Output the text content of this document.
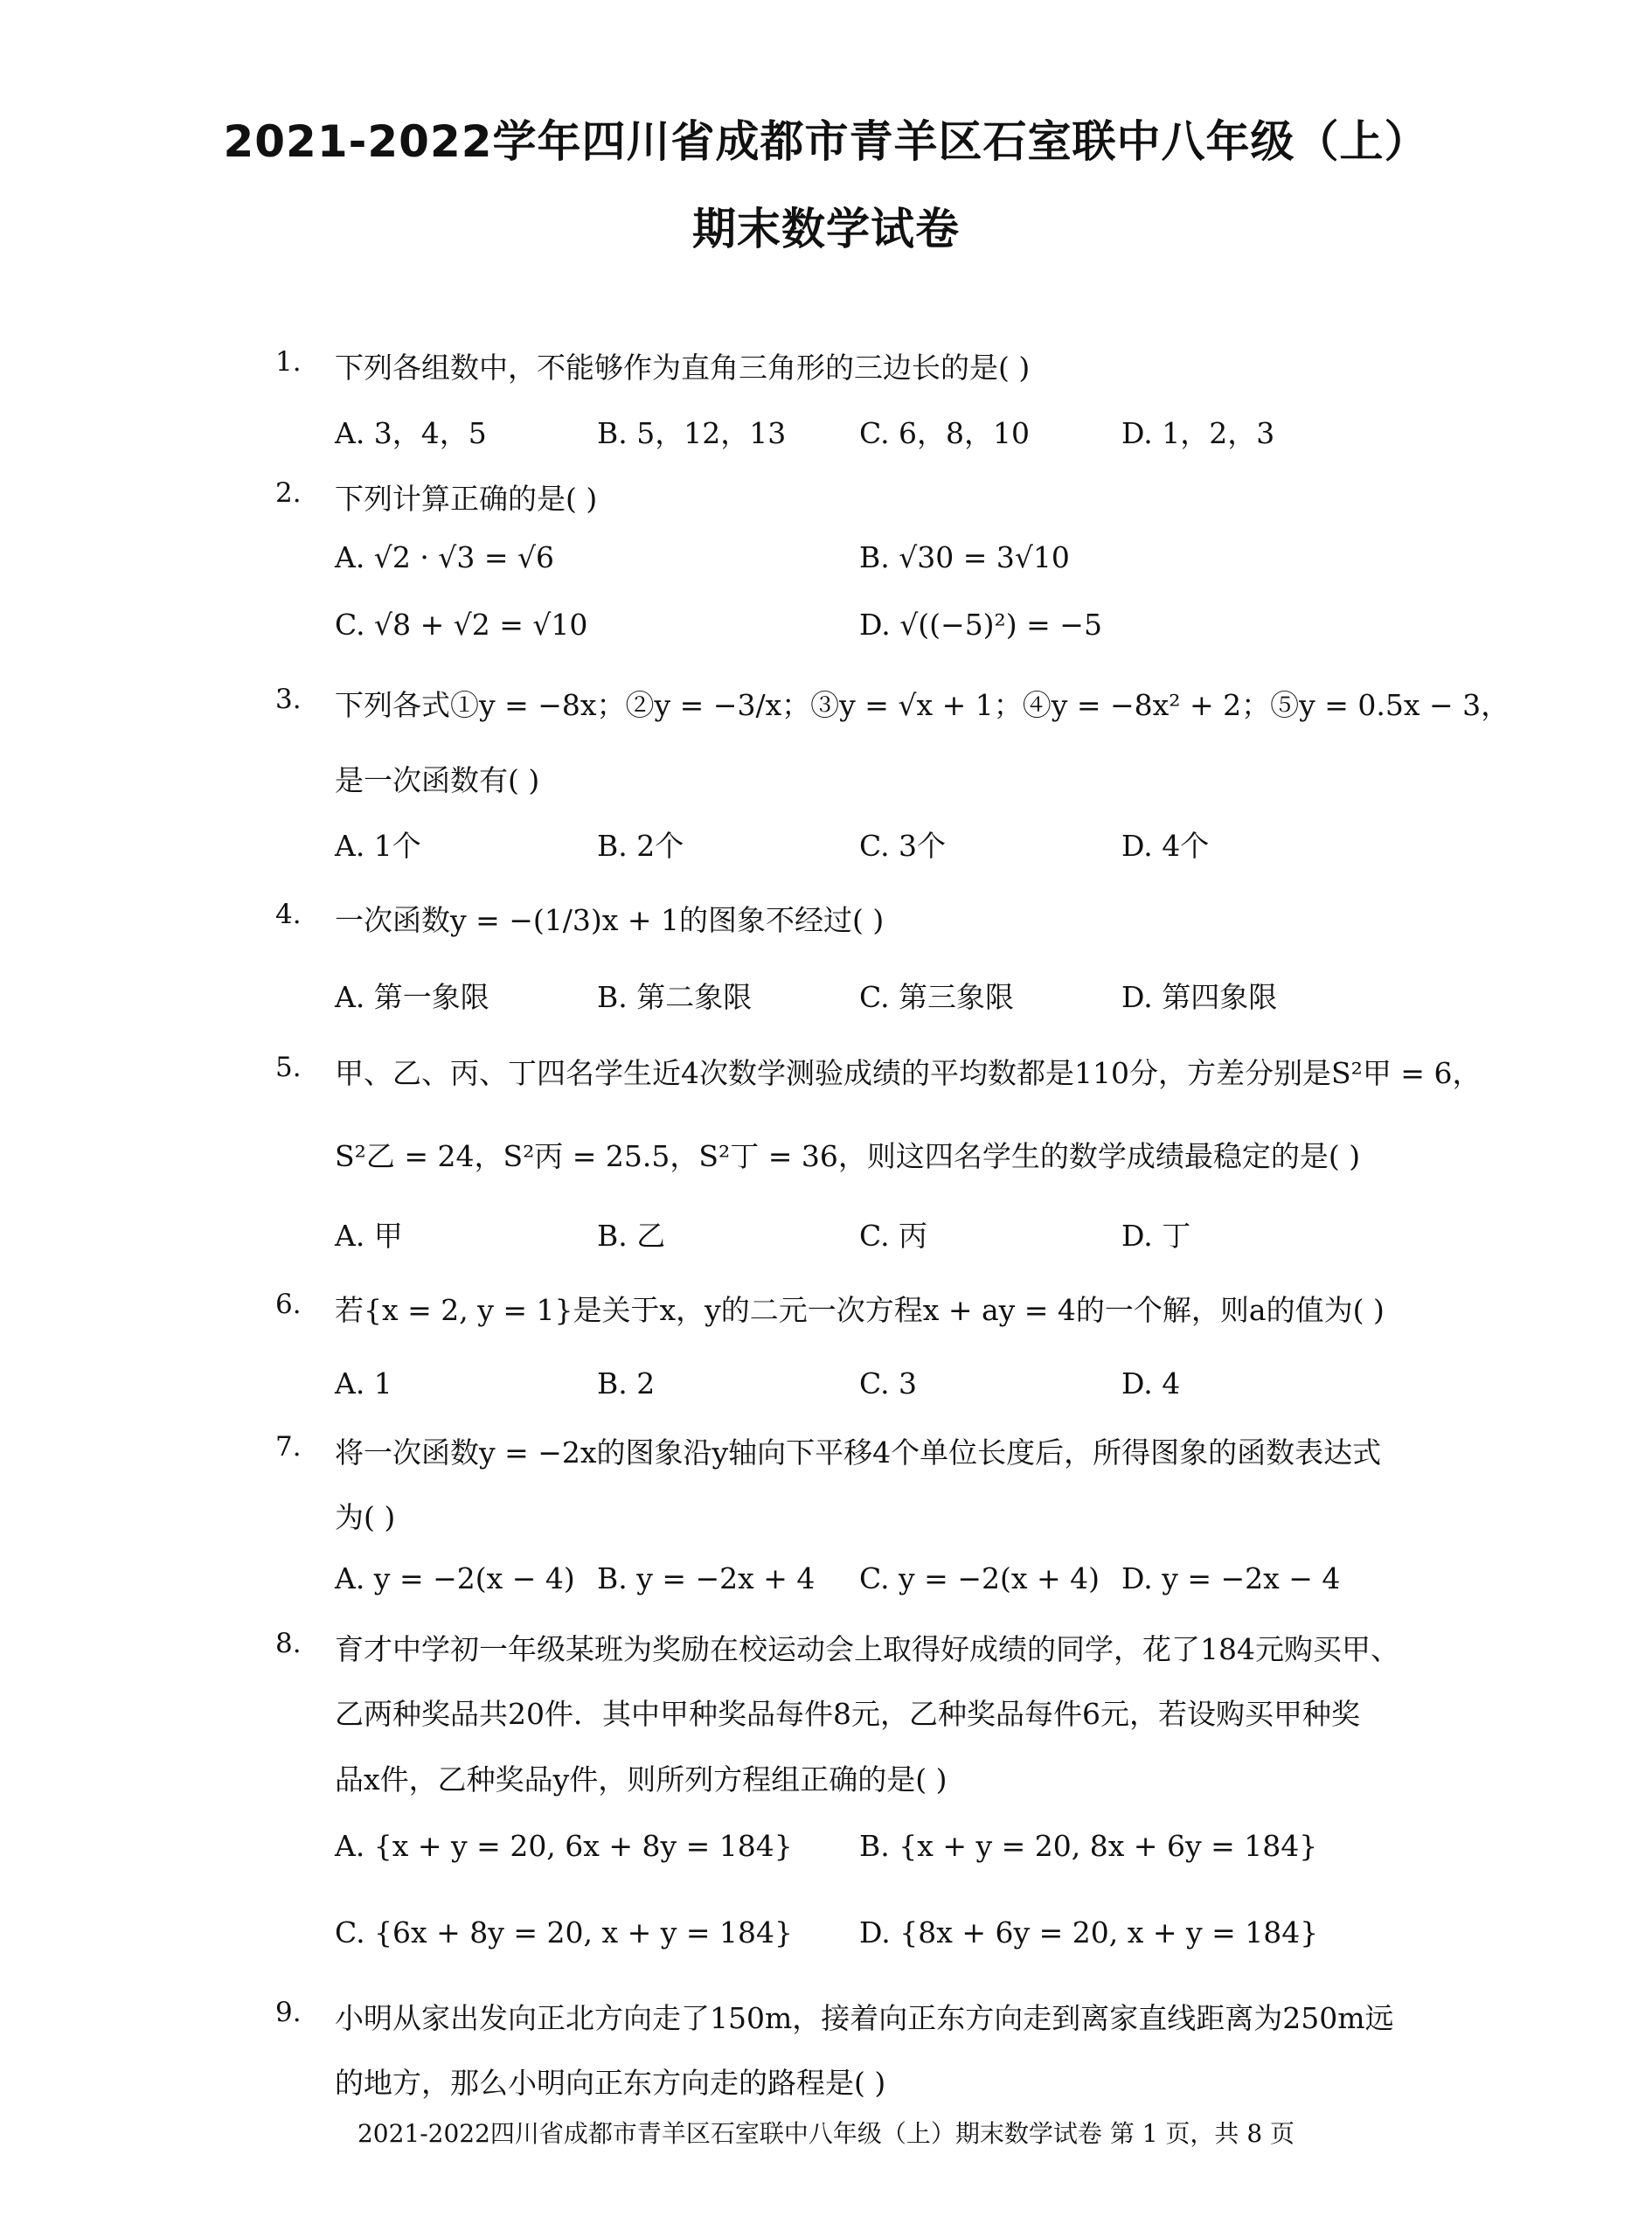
2021-2022学年四川省成都市青羊区石室联中八年级（上）
期末数学试卷
1. 下列各组数中，不能够作为直角三角形的三边长的是( )
A. 3，4，5	B. 5，12，13	C. 6，8，10	D. 1，2，3
2. 下列计算正确的是( )
A. √2 · √3 = √6	B. √30 = 3√10
C. √8 + √2 = √10	D. √((−5)²) = −5
3. 下列各式①y = −8x；②y = −3/x；③y = √x + 1；④y = −8x² + 2；⑤y = 0.5x − 3，
是一次函数有( )
A. 1个	B. 2个	C. 3个	D. 4个
4. 一次函数y = −(1/3)x + 1的图象不经过( )
A. 第一象限	B. 第二象限	C. 第三象限	D. 第四象限
5. 甲、乙、丙、丁四名学生近4次数学测验成绩的平均数都是110分，方差分别是S²甲 = 6，
S²乙 = 24，S²丙 = 25.5，S²丁 = 36，则这四名学生的数学成绩最稳定的是( )
A. 甲	B. 乙	C. 丙	D. 丁
6. 若{x = 2, y = 1}是关于x，y的二元一次方程x + ay = 4的一个解，则a的值为( )
A. 1	B. 2	C. 3	D. 4
7. 将一次函数y = −2x的图象沿y轴向下平移4个单位长度后，所得图象的函数表达式
为( )
A. y = −2(x − 4) B. y = −2x + 4 C. y = −2(x + 4) D. y = −2x − 4
8. 育才中学初一年级某班为奖励在校运动会上取得好成绩的同学，花了184元购买甲、
乙两种奖品共20件．其中甲种奖品每件8元，乙种奖品每件6元，若设购买甲种奖
品x件，乙种奖品y件，则所列方程组正确的是( )
A. {x + y = 20, 6x + 8y = 184} B. {x + y = 20, 8x + 6y = 184}
C. {6x + 8y = 20, x + y = 184} D. {8x + 6y = 20, x + y = 184}
9. 小明从家出发向正北方向走了150m，接着向正东方向走到离家直线距离为250m远
的地方，那么小明向正东方向走的路程是( )
2021-2022四川省成都市青羊区石室联中八年级（上）期末数学试卷 第 1 页，共 8 页
